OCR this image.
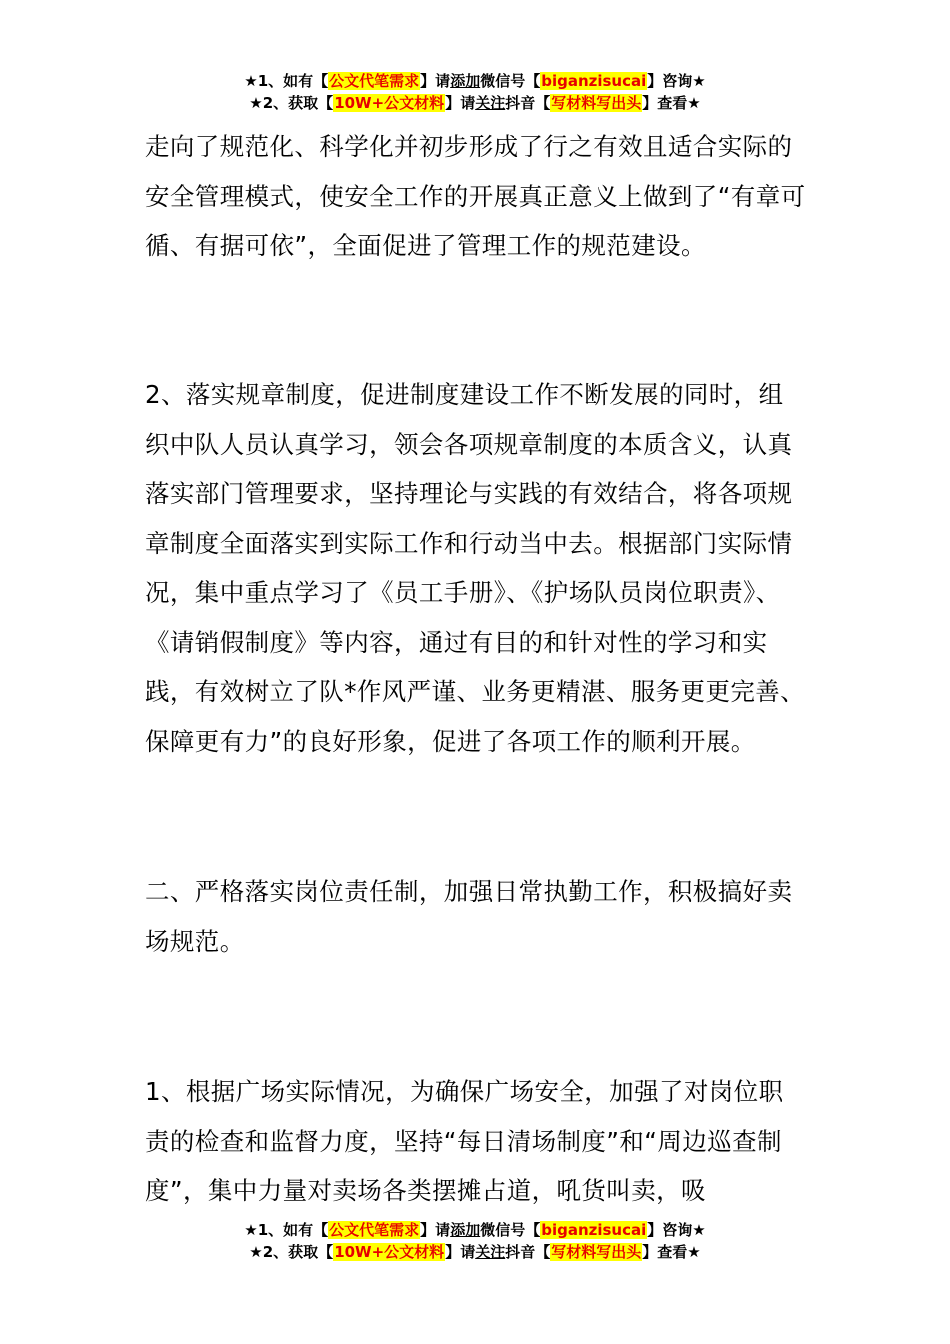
走向了规范化、科学化并初步形成了行之有效且适合实际的安全管理模式，使安全工作的开展真正意义上做到了“有章可循、有据可依”，全面促进了管理工作的规范建设。

2、落实规章制度，促进制度建设工作不断发展的同时，组织中队人员认真学习，领会各项规章制度的本质含义，认真落实部门管理要求，坚持理论与实践的有效结合，将各项规章制度全面落实到实际工作和行动当中去。根据部门实际情况，集中重点学习了《员工手册》、《护场队员岗位职责》、《请销假制度》等内容，通过有目的和针对性的学习和实践，有效树立了队*作风严谨、业务更精湛、服务更更完善、保障更有力”的良好形象，促进了各项工作的顺利开展。

二、严格落实岗位责任制，加强日常执勤工作，积极搞好卖场规范。

1、根据广场实际情况，为确保广场安全，加强了对岗位职责的检查和监督力度，坚持“每日清场制度”和“周边巡查制度”，集中力量对卖场各类摆摊占道，吼货叫卖，吸

★1、如有【公文代笔需求】请添加微信号【biganzisucai】咨询★
★2、获取【10W+公文材料】请关注抖音【写材料写出头】查看★
★1、如有【公文代笔需求】请添加微信号【biganzisucai】咨询★
★2、获取【10W+公文材料】请关注抖音【写材料写出头】查看★
